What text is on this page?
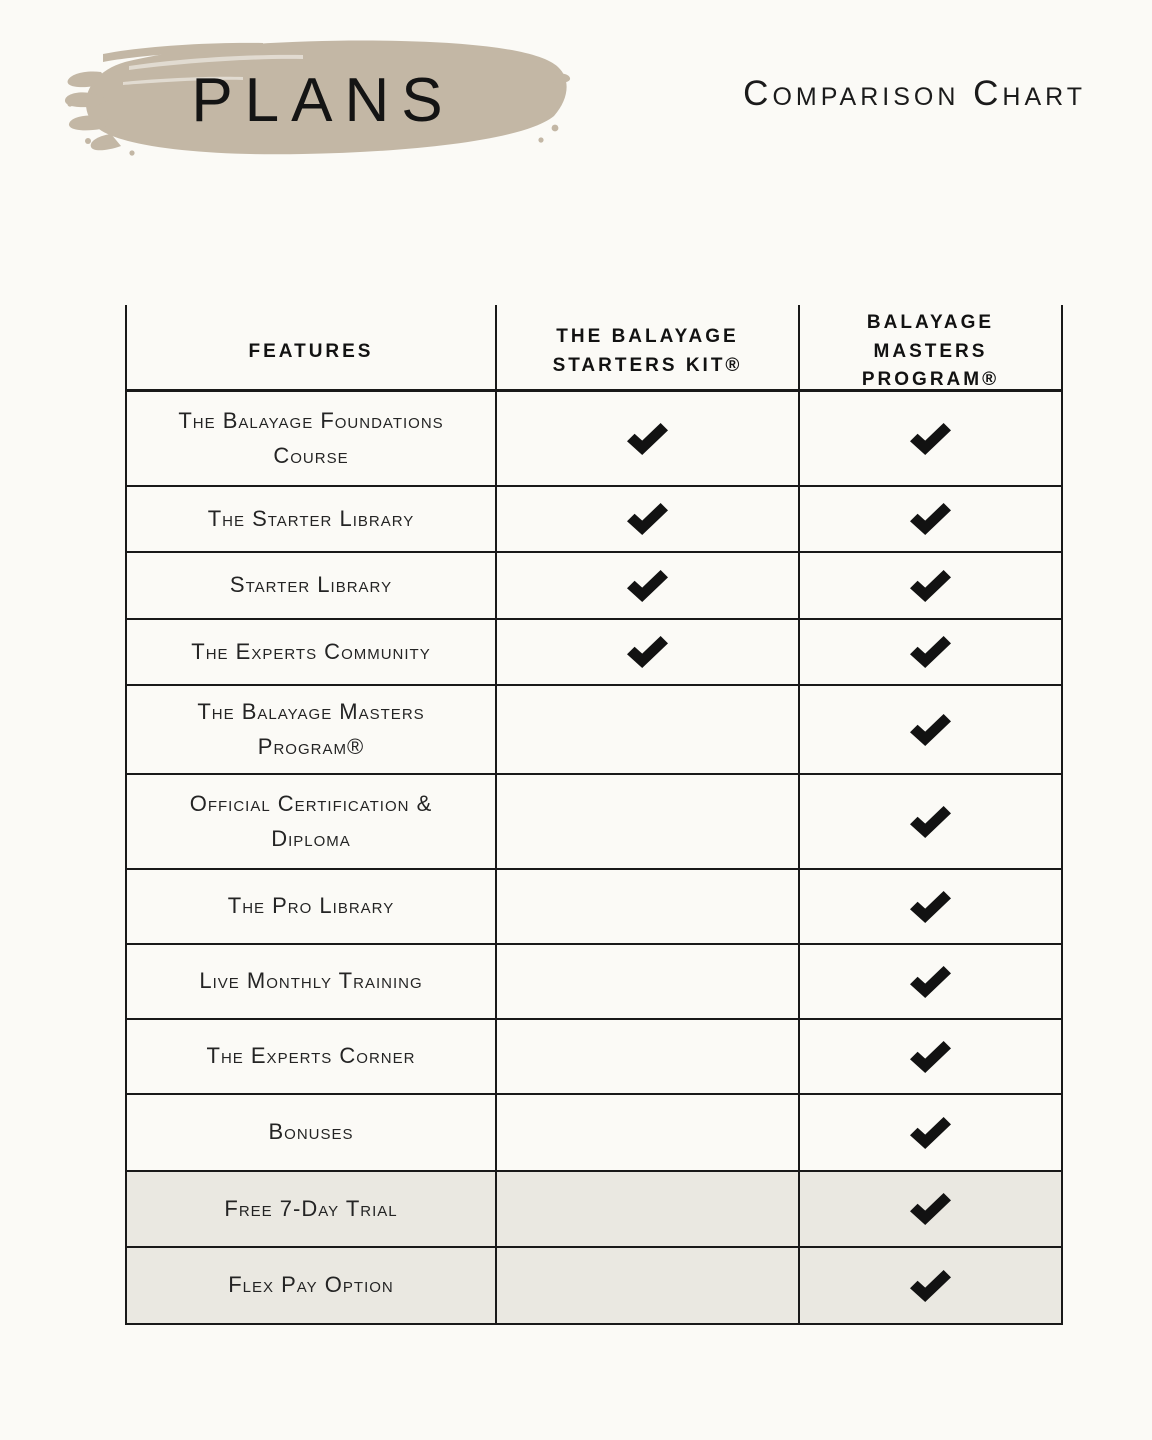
PLANS	Comparison Chart
FEATURES
THE BALAYAGE STARTERS KIT®
BALAYAGE MASTERS PROGRAM®
The Balayage Foundations Course
The Starter Library
Starter Library
The Experts Community
The Balayage Masters Program®
Official Certification & Diploma
The Pro Library
Live Monthly Training
The Experts Corner
Bonuses
Free 7-Day Trial
Flex Pay Option
